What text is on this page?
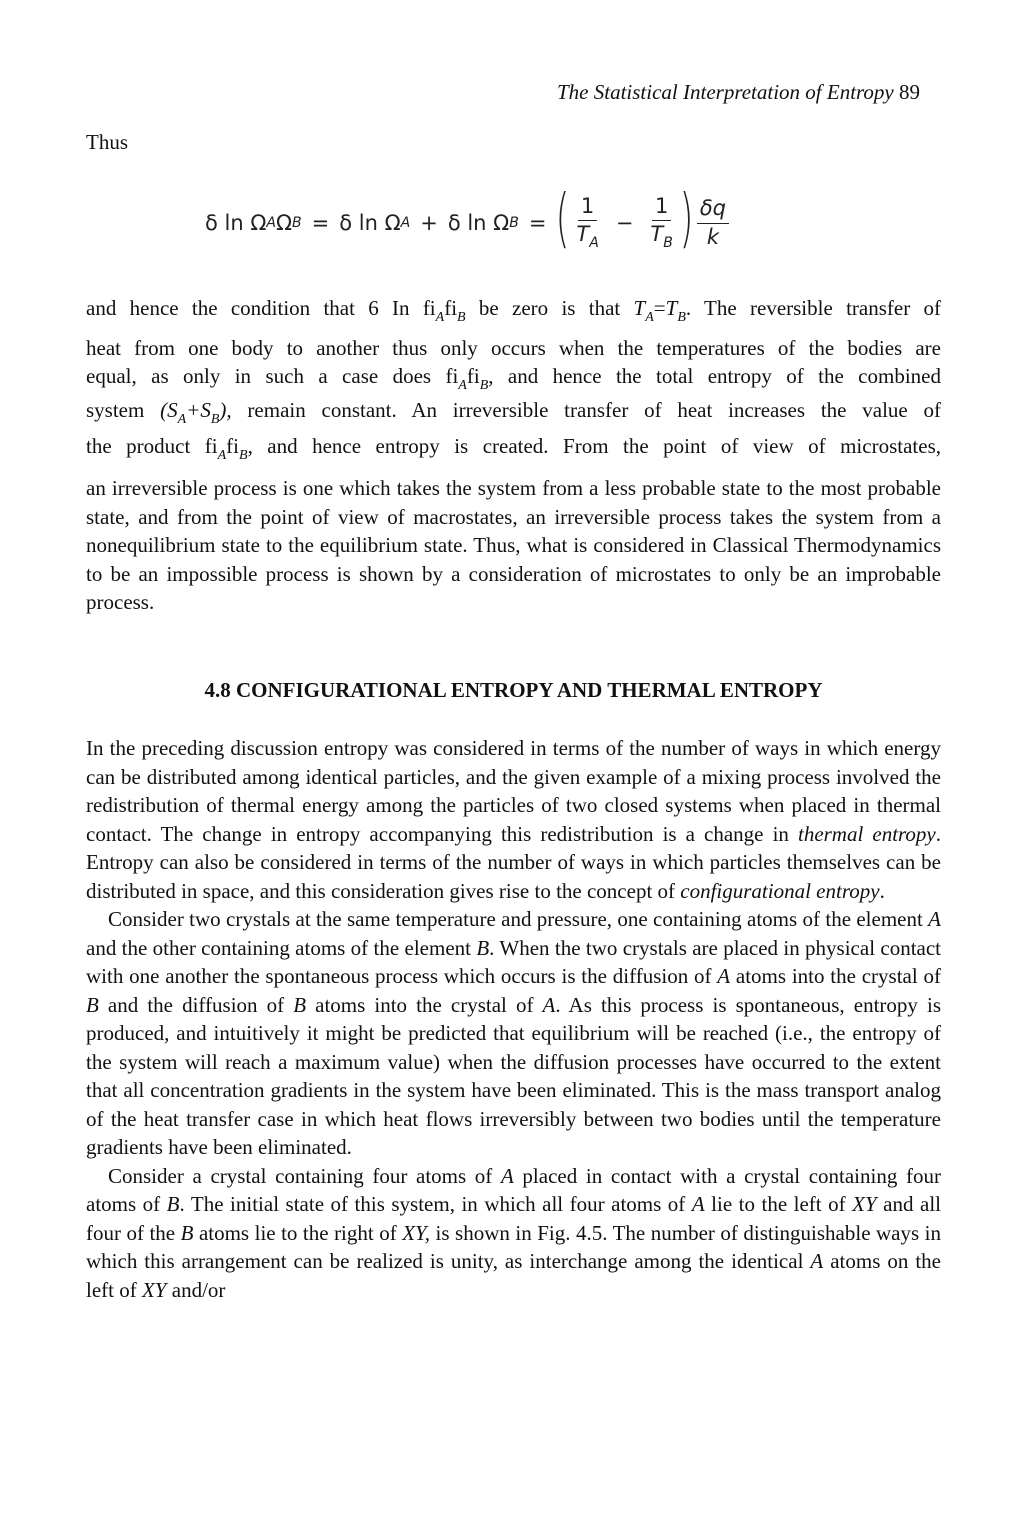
The Statistical Interpretation of Entropy 89
Thus
δ ln Ω A Ω B = δ ln Ω A + δ ln Ω B = ( $\frac{1}{T_A} - \frac{1}{T_B}$ ) $\frac{\delta q}{k}$
and hence the condition that 6 In $fi_Afi_B$ be zero is that $T_A=T_B$. The reversible transfer of
heat from one body to another thus only occurs when the temperatures of the bodies are
equal, as only in such a case does $fi_Afi_B$, and hence the total entropy of the combined
system $(S_A+S_B)$, remain constant. An irreversible transfer of heat increases the value of
the product $fi_Afi_B$, and hence entropy is created. From the point of view of microstates,

an irreversible process is one which takes the system from a less probable state to the most probable state, and from the point of view of macrostates, an irreversible process takes the system from a nonequilibrium state to the equilibrium state. Thus, what is considered in Classical Thermodynamics to be an impossible process is shown by a consideration of microstates to only be an improbable process.

4.8 CONFIGURATIONAL ENTROPY AND THERMAL ENTROPY

In the preceding discussion entropy was considered in terms of the number of ways in which energy can be distributed among identical particles, and the given example of a mixing process involved the redistribution of thermal energy among the particles of two closed systems when placed in thermal contact. The change in entropy accompanying this redistribution is a change in thermal entropy. Entropy can also be considered in terms of the number of ways in which particles themselves can be distributed in space, and this consideration gives rise to the concept of configurational entropy.

Consider two crystals at the same temperature and pressure, one containing atoms of the element A and the other containing atoms of the element B. When the two crystals are placed in physical contact with one another the spontaneous process which occurs is the diffusion of A atoms into the crystal of B and the diffusion of B atoms into the crystal of A. As this process is spontaneous, entropy is produced, and intuitively it might be predicted that equilibrium will be reached (i.e., the entropy of the system will reach a maximum value) when the diffusion processes have occurred to the extent that all concentration gradients in the system have been eliminated. This is the mass transport analog of the heat transfer case in which heat flows irreversibly between two bodies until the temperature gradients have been eliminated.

Consider a crystal containing four atoms of A placed in contact with a crystal containing four atoms of B. The initial state of this system, in which all four atoms of A lie to the left of XY and all four of the B atoms lie to the right of XY, is shown in Fig. 4.5. The number of distinguishable ways in which this arrangement can be realized is unity, as interchange among the identical A atoms on the left of XY and/or
